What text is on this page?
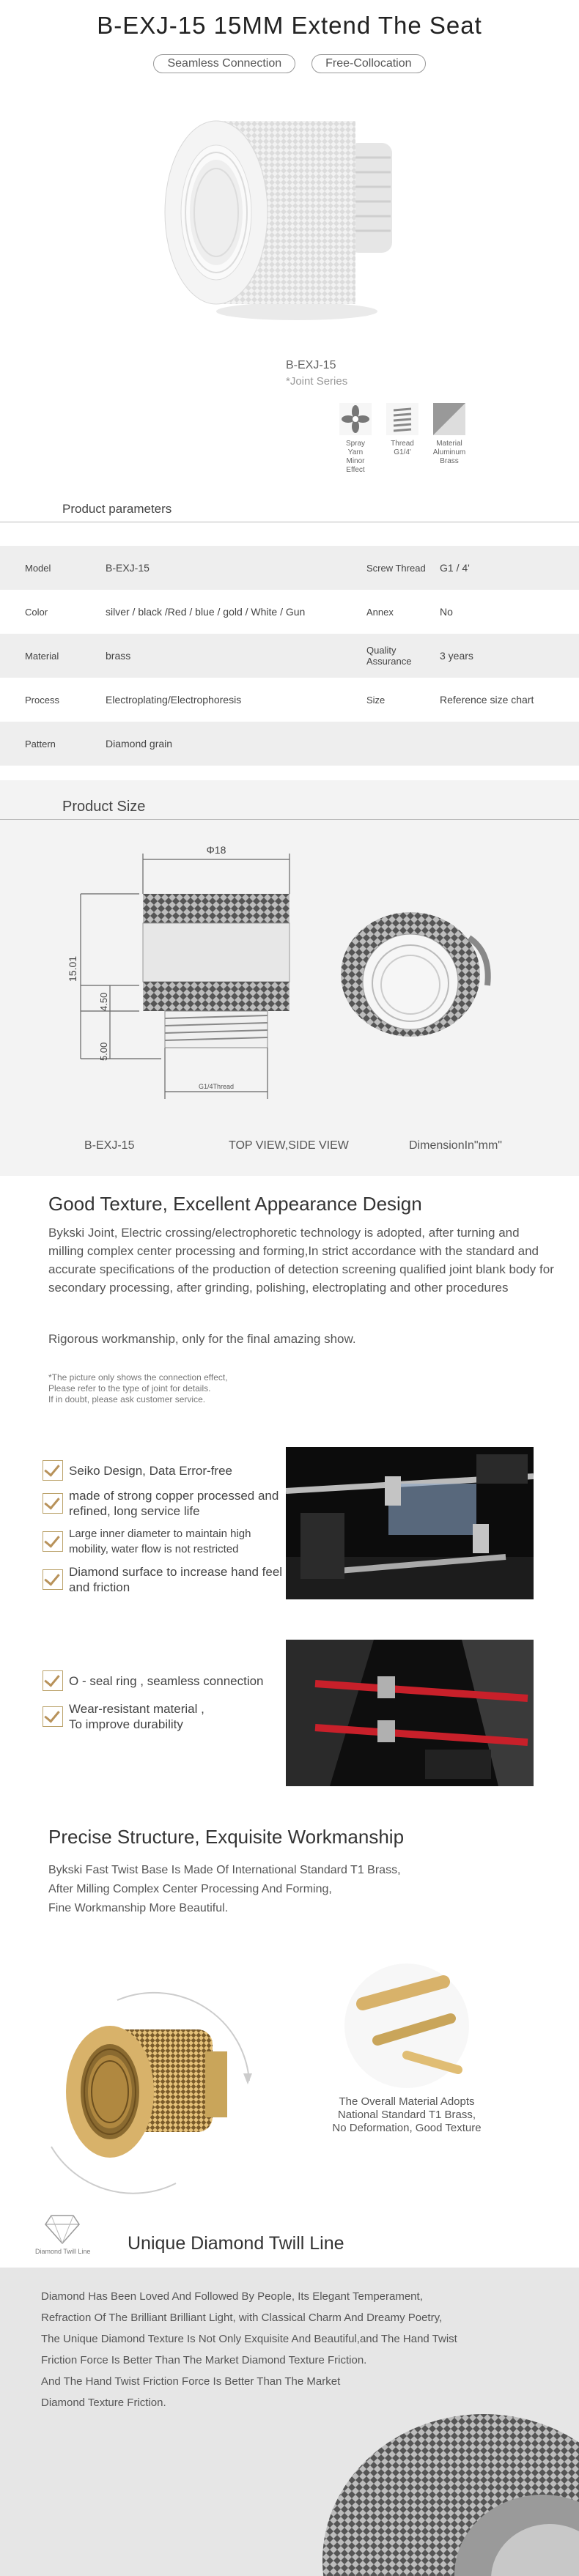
B-EXJ-15 15MM Extend The Seat
Seamless Connection	Free-Collocation
B-EXJ-15
*Joint Series
Spray Yarn Minor Effect
Thread G1/4'
Material Aluminum Brass
Product parameters
Model	B-EXJ-15	Screw Thread	G1 / 4'
Color	silver / black /Red / blue / gold / White / Gun	Annex	No
Material	brass	Quality Assurance	3 years
Process	Electroplating/Electrophoresis	Size	Reference size chart
Pattern	Diamond grain
Product Size
Φ18
15.01
4.50
5.00
G1/4Thread
B-EXJ-15	TOP VIEW,SIDE VIEW	DimensionIn"mm"
Good Texture, Excellent Appearance Design
Bykski Joint, Electric crossing/electrophoretic technology is adopted, after turning and milling complex center processing and forming,In strict accordance with the standard and accurate specifications of the production of detection screening qualified joint blank body for secondary processing, after grinding, polishing, electroplating and other procedures
Rigorous workmanship, only for the final amazing show.
*The picture only shows the connection effect,
Please refer to the type of joint for details.
If in doubt, please ask customer service.
Seiko Design, Data Error-free
made of strong copper processed and refined, long service life
Large inner diameter to maintain high mobility, water flow is not restricted
Diamond surface to increase hand feel and friction
O - seal ring , seamless connection
Wear-resistant material ,
To improve durability
Precise Structure, Exquisite Workmanship
Bykski Fast Twist Base Is Made Of International Standard T1 Brass,
After Milling Complex Center Processing And Forming,
Fine Workmanship More Beautiful.
The Overall Material Adopts
National Standard T1 Brass,
No Deformation, Good Texture
Diamond Twill Line Unique Diamond Twill Line
Diamond Has Been Loved And Followed By People, Its Elegant Temperament,
Refraction Of The Brilliant Brilliant Light, with Classical Charm And Dreamy Poetry,
The Unique Diamond Texture Is Not Only Exquisite And Beautiful,and The Hand Twist
Friction Force Is Better Than The Market Diamond Texture Friction.
And The Hand Twist Friction Force Is Better Than The Market
Diamond Texture Friction.
